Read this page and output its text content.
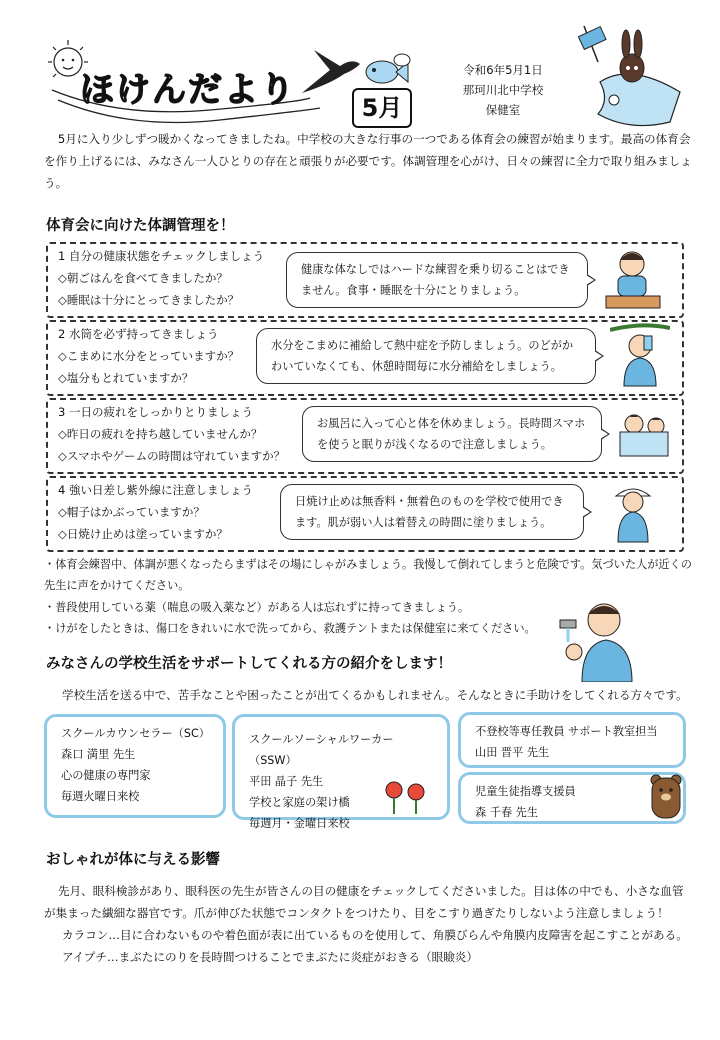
ほけんだより	5月
令和6年5月1日
那珂川北中学校
保健室
5月に入り少しずつ暖かくなってきましたね。中学校の大きな行事の一つである体育会の練習が始まります。最高の体育会を作り上げるには、みなさん一人ひとりの存在と頑張りが必要です。体調管理を心がけ、日々の練習に全力で取り組みましょう。
体育会に向けた体調管理を！
1 自分の健康状態をチェックしましょう
◇朝ごはんを食べてきましたか？
◇睡眠は十分にとってきましたか？
健康な体なしではハードな練習を乗り切ることはできません。食事・睡眠を十分にとりましょう。
2 水筒を必ず持ってきましょう
◇こまめに水分をとっていますか？
◇塩分もとれていますか？
水分をこまめに補給して熱中症を予防しましょう。のどがかわいていなくても、休憩時間毎に水分補給をしましょう。
3 一日の疲れをしっかりとりましょう
◇昨日の疲れを持ち越していませんか？
◇スマホやゲームの時間は守れていますか？
お風呂に入って心と体を休めましょう。長時間スマホを使うと眠りが浅くなるので注意しましょう。
4 強い日差し紫外線に注意しましょう
◇帽子はかぶっていますか？
◇日焼け止めは塗っていますか？
日焼け止めは無香料・無着色のものを学校で使用できます。肌が弱い人は着替えの時間に塗りましょう。
・体育会練習中、体調が悪くなったらまずはその場にしゃがみましょう。我慢して倒れてしまうと危険です。気づいた人が近くの先生に声をかけてください。
・普段使用している薬（喘息の吸入薬など）がある人は忘れずに持ってきましょう。
・けがをしたときは、傷口をきれいに水で洗ってから、救護テントまたは保健室に来てください。
みなさんの学校生活をサポートしてくれる方の紹介をします！
学校生活を送る中で、苦手なことや困ったことが出てくるかもしれません。そんなときに手助けをしてくれる方々です。
スクールカウンセラー（SC）
森口 満里 先生
心の健康の専門家
毎週火曜日来校
スクールソーシャルワーカー（SSW）
平田 晶子 先生
学校と家庭の架け橋
毎週月・金曜日来校
不登校等専任教員 サポート教室担当
山田 晋平 先生
児童生徒指導支援員
森 千春 先生
おしゃれが体に与える影響
先月、眼科検診があり、眼科医の先生が皆さんの目の健康をチェックしてくださいました。目は体の中でも、小さな血管が集まった繊細な器官です。爪が伸びた状態でコンタクトをつけたり、目をこすり過ぎたりしないよう注意しましょう！
カラコン…目に合わないものや着色面が表に出ているものを使用して、角膜びらんや角膜内皮障害を起こすことがある。
アイプチ…まぶたにのりを長時間つけることでまぶたに炎症がおきる（眼瞼炎）
